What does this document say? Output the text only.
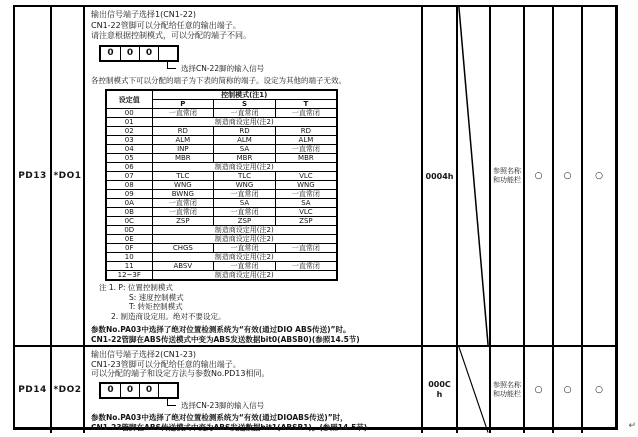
PD13 *DO1

输出信号端子选择1(CN1-22)

CN1-22管脚可以分配给任意的输出端子。

请注意根据控制模式，可以分配的端子不同。

0	0	0
选择CN-22脚的输入信号

各控制模式下可以分配的端子为下表的简称的端子。设定为其他的端子无效。

设定值	控制模式(注1)		
	P	S	T
00	一直常闭	一直常闭	一直常闭
01	制造商设定用(注2)		
02	RD	RD	RD
03	ALM	ALM	ALM
04	INP	SA	一直常闭
05	MBR	MBR	MBR
06	制造商设定用(注2)		
07	TLC	TLC	VLC
08	WNG	WNG	WNG
09	BWNG	一直常闭	一直常闭
0A	一直常闭	SA	SA
0B	一直常闭	一直常闭	VLC
0C	ZSP	ZSP	ZSP
0D	制造商设定用(注2)		
0E	制造商设定用(注2)		
0F	CHGS	一直常闭	一直常闭
10	制造商设定用(注2)		
11	ABSV	一直常闭	一直常闭
12~3F	制造商设定用(注2)		

注 1. P: 位置控制模式

S: 速度控制模式

T: 转矩控制模式

2. 制造商设定用。绝对不要设定。

参数No.PA03中选择了绝对位置检测系统为“有效(通过DIO ABS传送)”时。

CN1-22管脚在ABS传送模式中变为ABS发送数据bit0(ABSB0)(参照14.5节)

0004h
参照名称和功能栏	○	○	○
PD14 *DO2

输出信号端子选择2(CN1-23)

CN1-23管脚可以分配给任意的输出端子。

可以分配的端子和设定方法与参数No.PD13相同。

0	0	0
选择CN-23脚的输入信号

参数No.PA03中选择了绝对位置检测系统为“有效(通过DIOABS传送)”时，

CN1-23管脚在ABS传送模式中变为ABS发送数据bit1(ABSB1)。(参照14.5节)

000Ch
参照名称和功能栏	○	○	○
↵
